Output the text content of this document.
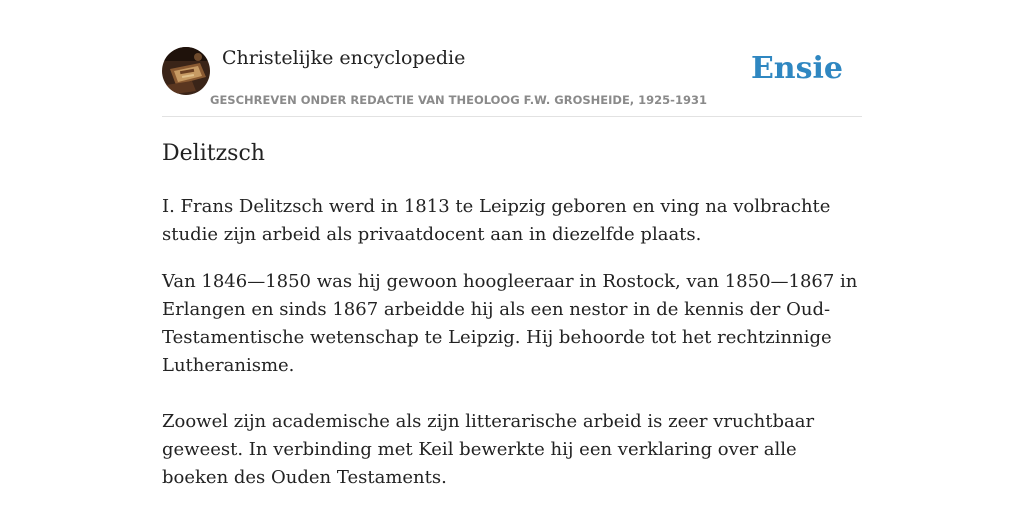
Christelijke encyclopedie
GESCHREVEN ONDER REDACTIE VAN THEOLOOG F.W. GROSHEIDE, 1925-1931
Ensie
Delitzsch

I. Frans Delitzsch werd in 1813 te Leipzig geboren en ving na volbrachte studie zijn arbeid als privaatdocent aan in diezelfde plaats.

Van 1846—1850 was hij gewoon hoogleeraar in Rostock, van 1850—1867 in Erlangen en sinds 1867 arbeidde hij als een nestor in de kennis der Oud-Testamentische wetenschap te Leipzig. Hij behoorde tot het rechtzinnige Lutheranisme.

Zoowel zijn academische als zijn litterarische arbeid is zeer vruchtbaar geweest. In verbinding met Keil bewerkte hij een verklaring over alle boeken des Ouden Testaments.
